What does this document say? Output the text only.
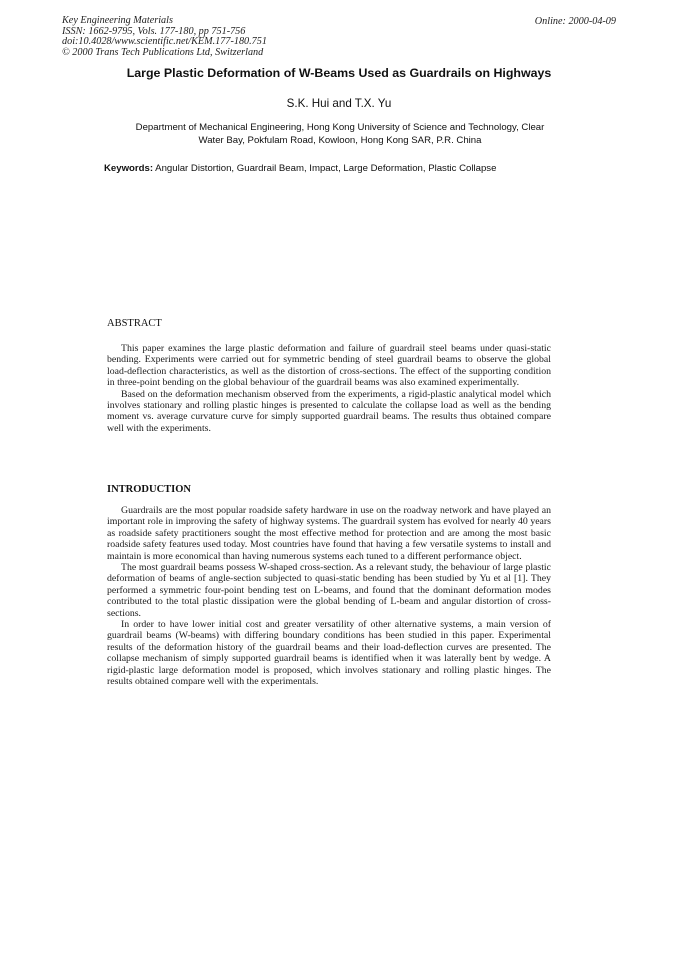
Key Engineering Materials
ISSN: 1662-9795, Vols. 177-180, pp 751-756
doi:10.4028/www.scientific.net/KEM.177-180.751
© 2000 Trans Tech Publications Ltd, Switzerland
Online: 2000-04-09
Large Plastic Deformation of W-Beams Used as Guardrails on Highways
S.K. Hui and T.X. Yu
Department of Mechanical Engineering, Hong Kong University of Science and Technology, Clear
Water Bay, Pokfulam Road, Kowloon, Hong Kong SAR, P.R. China
Keywords: Angular Distortion, Guardrail Beam, Impact, Large Deformation, Plastic Collapse
ABSTRACT

This paper examines the large plastic deformation and failure of guardrail steel beams under quasi-static bending. Experiments were carried out for symmetric bending of steel guardrail beams to observe the global load-deflection characteristics, as well as the distortion of cross-sections. The effect of the supporting condition in three-point bending on the global behaviour of the guardrail beams was also examined experimentally.

Based on the deformation mechanism observed from the experiments, a rigid-plastic analytical model which involves stationary and rolling plastic hinges is presented to calculate the collapse load as well as the bending moment vs. average curvature curve for simply supported guardrail beams. The results thus obtained compare well with the experiments.

INTRODUCTION

Guardrails are the most popular roadside safety hardware in use on the roadway network and have played an important role in improving the safety of highway systems. The guardrail system has evolved for nearly 40 years as roadside safety practitioners sought the most effective method for protection and are among the most basic roadside safety features used today. Most countries have found that having a few versatile systems to install and maintain is more economical than having numerous systems each tuned to a different performance object.

The most guardrail beams possess W-shaped cross-section. As a relevant study, the behaviour of large plastic deformation of beams of angle-section subjected to quasi-static bending has been studied by Yu et al [1]. They performed a symmetric four-point bending test on L-beams, and found that the dominant deformation modes contributed to the total plastic dissipation were the global bending of L-beam and angular distortion of cross-sections.

In order to have lower initial cost and greater versatility of other alternative systems, a main version of guardrail beams (W-beams) with differing boundary conditions has been studied in this paper. Experimental results of the deformation history of the guardrail beams and their load-deflection curves are presented. The collapse mechanism of simply supported guardrail beams is identified when it was laterally bent by wedge. A rigid-plastic large deformation model is proposed, which involves stationary and rolling plastic hinges. The results obtained compare well with the experimentals.
